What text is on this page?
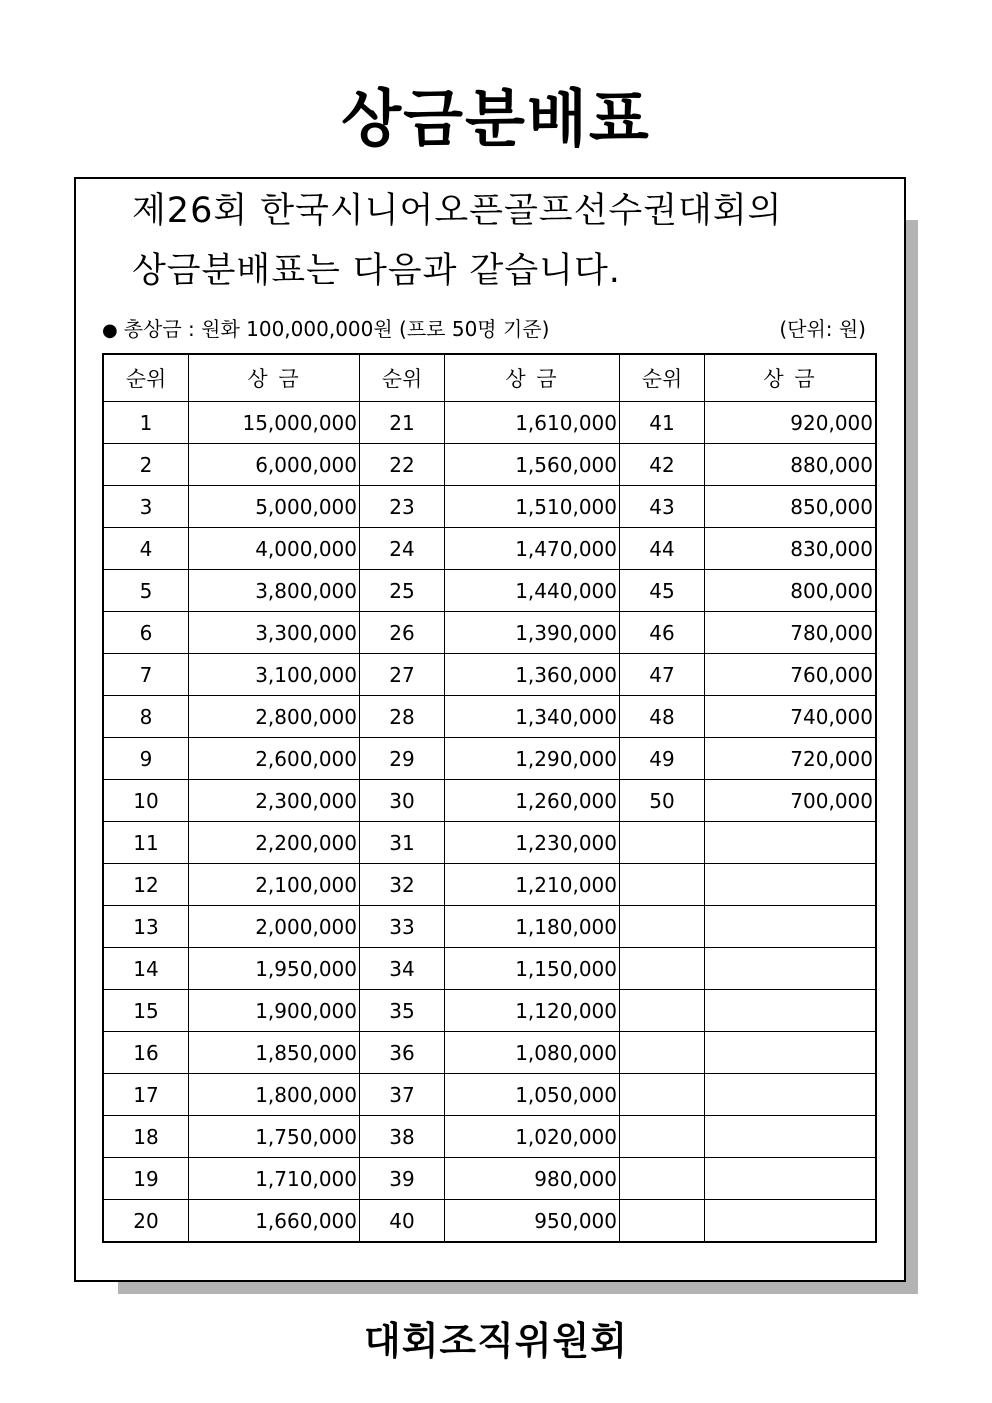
상금분배표
제26회 한국시니어오픈골프선수권대회의
상금분배표는 다음과 같습니다.
● 총상금 : 원화 100,000,000원 (프로 50명 기준)	(단위: 원)
순위	상 금	순위	상 금	순위	상 금
1	15,000,000	21	1,610,000	41	920,000
2	6,000,000	22	1,560,000	42	880,000
3	5,000,000	23	1,510,000	43	850,000
4	4,000,000	24	1,470,000	44	830,000
5	3,800,000	25	1,440,000	45	800,000
6	3,300,000	26	1,390,000	46	780,000
7	3,100,000	27	1,360,000	47	760,000
8	2,800,000	28	1,340,000	48	740,000
9	2,600,000	29	1,290,000	49	720,000
10	2,300,000	30	1,260,000	50	700,000
11	2,200,000	31	1,230,000		
12	2,100,000	32	1,210,000		
13	2,000,000	33	1,180,000		
14	1,950,000	34	1,150,000		
15	1,900,000	35	1,120,000		
16	1,850,000	36	1,080,000		
17	1,800,000	37	1,050,000		
18	1,750,000	38	1,020,000		
19	1,710,000	39	980,000		
20	1,660,000	40	950,000		
대회조직위원회
